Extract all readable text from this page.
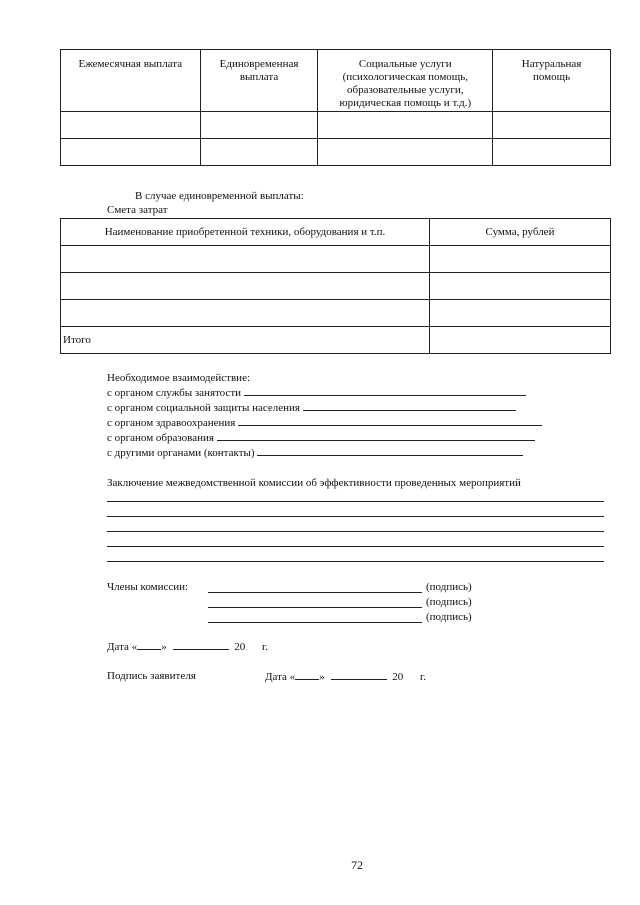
Ежемесячная выплата	Единовременная выплата	Социальные услуги (психологическая помощь, образовательные услуги, юридическая помощь и т.д.)	Натуральная помощь

В случае единовременной выплаты:
Смета затрат
Наименование приобретенной техники, оборудования и т.п.	Сумма, рублей

Итого	
Необходимое взаимодействие:
с органом службы занятости
с органом социальной защиты населения
с органом здравоохранения
с органом образования
с другими органами (контакты)
Заключение межведомственной комиссии об эффективности проведенных мероприятий
Члены комиссии:	(подпись)
(подпись)
(подпись)
Дата « »	20 г.
Подпись заявителя	Дата « »	20 г.
72
